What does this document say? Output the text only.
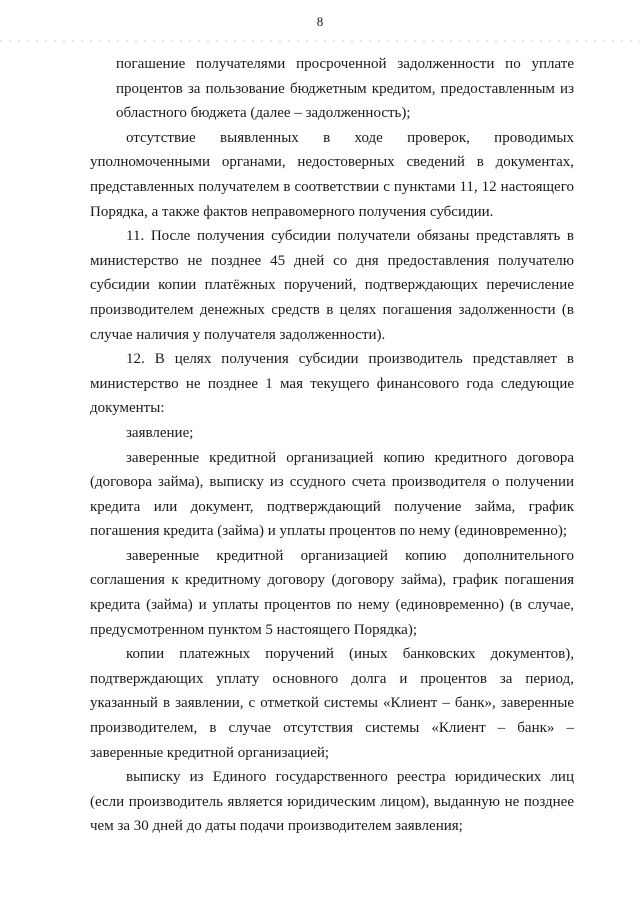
8

погашение получателями просроченной задолженности по уплате процентов за пользование бюджетным кредитом, предоставленным из областного бюджета (далее – задолженность);

отсутствие выявленных в ходе проверок, проводимых уполномоченными органами, недостоверных сведений в документах, представленных получателем в соответствии с пунктами 11, 12 настоящего Порядка, а также фактов неправомерного получения субсидии.

11. После получения субсидии получатели обязаны представлять в министерство не позднее 45 дней со дня предоставления получателю субсидии копии платёжных поручений, подтверждающих перечисление производителем денежных средств в целях погашения задолженности (в случае наличия у получателя задолженности).

12. В целях получения субсидии производитель представляет в министерство не позднее 1 мая текущего финансового года следующие документы:

заявление;

заверенные кредитной организацией копию кредитного договора (договора займа), выписку из ссудного счета производителя о получении кредита или документ, подтверждающий получение займа, график погашения кредита (займа) и уплаты процентов по нему (единовременно);

заверенные кредитной организацией копию дополнительного соглашения к кредитному договору (договору займа), график погашения кредита (займа) и уплаты процентов по нему (единовременно) (в случае, предусмотренном пунктом 5 настоящего Порядка);

копии платежных поручений (иных банковских документов), подтверждающих уплату основного долга и процентов за период, указанный в заявлении, с отметкой системы «Клиент – банк», заверенные производителем, в случае отсутствия системы «Клиент – банк» – заверенные кредитной организацией;

выписку из Единого государственного реестра юридических лиц (если производитель является юридическим лицом), выданную не позднее чем за 30 дней до даты подачи производителем заявления;
